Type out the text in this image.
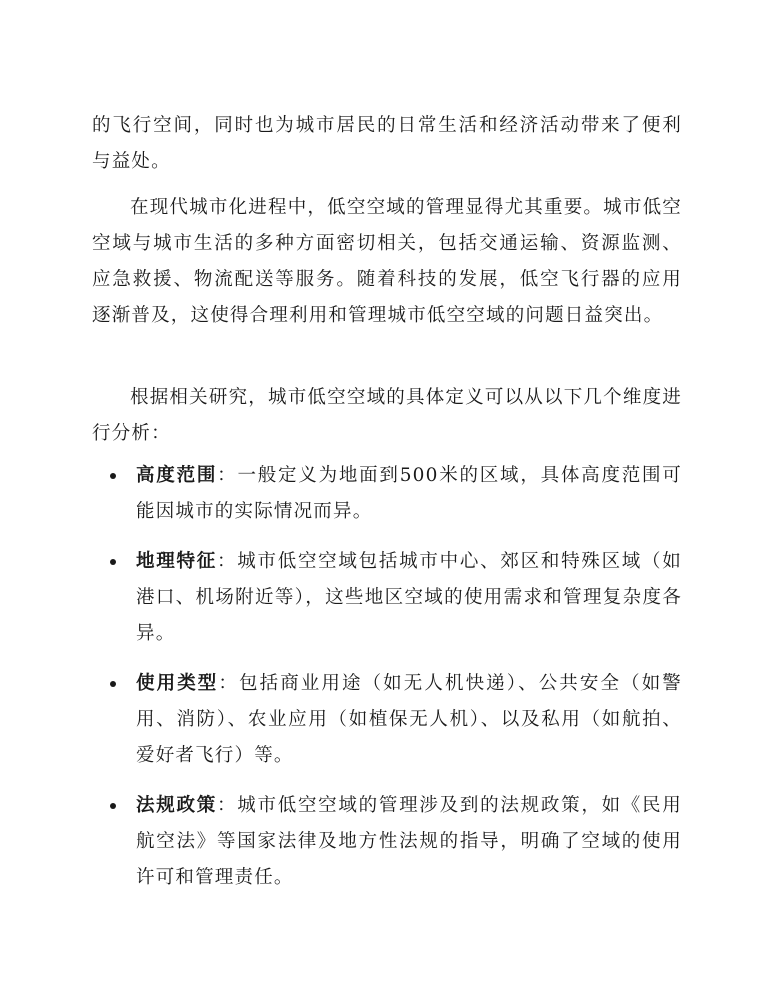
的飞行空间，同时也为城市居民的日常生活和经济活动带来了便利与益处。

在现代城市化进程中，低空空域的管理显得尤其重要。城市低空空域与城市生活的多种方面密切相关，包括交通运输、资源监测、应急救援、物流配送等服务。随着科技的发展，低空飞行器的应用逐渐普及，这使得合理利用和管理城市低空空域的问题日益突出。

根据相关研究，城市低空空域的具体定义可以从以下几个维度进行分析：

高度范围：一般定义为地面到500米的区域，具体高度范围可能因城市的实际情况而异。
地理特征：城市低空空域包括城市中心、郊区和特殊区域（如港口、机场附近等），这些地区空域的使用需求和管理复杂度各异。
使用类型：包括商业用途（如无人机快递）、公共安全（如警用、消防）、农业应用（如植保无人机）、以及私用（如航拍、爱好者飞行）等。
法规政策：城市低空空域的管理涉及到的法规政策，如《民用航空法》等国家法律及地方性法规的指导，明确了空域的使用许可和管理责任。
